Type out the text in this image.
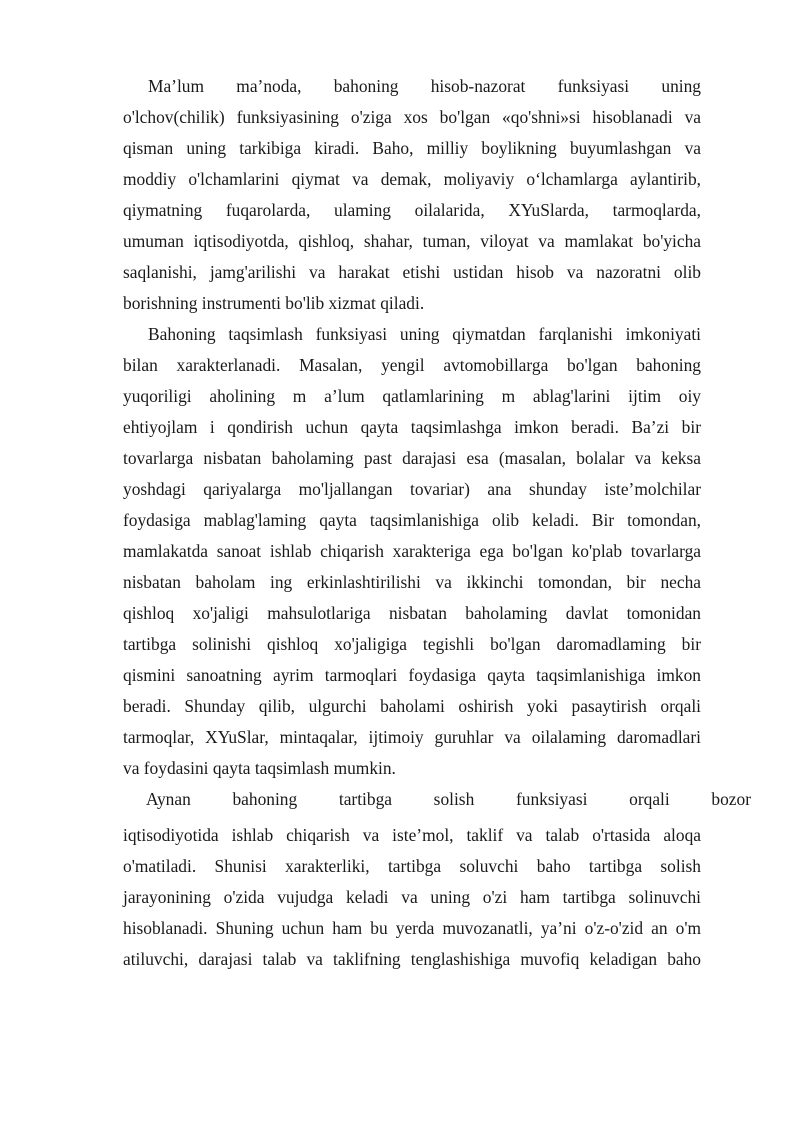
Ma’lum ma’noda, bahoning hisob-nazorat funksiyasi uning
o'lchov(chilik) funksiyasining o'ziga xos bo'lgan «qo'shni»si hisoblanadi va
qisman uning tarkibiga kiradi. Baho, milliy boylikning buyumlashgan va
moddiy o'lchamlarini qiymat va demak, moliyaviy o‘lchamlarga aylantirib,
qiymatning fuqarolarda, ulaming oilalarida, XYuSlarda, tarmoqlarda,
umuman iqtisodiyotda, qishloq, shahar, tuman, viloyat va mamlakat bo'yicha
saqlanishi, jamg'arilishi va harakat etishi ustidan hisob va nazoratni olib
borishning instrumenti bo'lib xizmat qiladi.
Bahoning taqsimlash funksiyasi uning qiymatdan farqlanishi imkoniyati
bilan xarakterlanadi. Masalan, yengil avtomobillarga bo'lgan bahoning
yuqoriligi aholining m a’lum qatlamlarining m ablag'larini ijtim oiy
ehtiyojlam i qondirish uchun qayta taqsimlashga imkon beradi. Ba’zi bir
tovarlarga nisbatan baholaming past darajasi esa (masalan, bolalar va keksa
yoshdagi qariyalarga mo'ljallangan tovariar) ana shunday iste’molchilar
foydasiga mablag'laming qayta taqsimlanishiga olib keladi. Bir tomondan,
mamlakatda sanoat ishlab chiqarish xarakteriga ega bo'lgan ko'plab tovarlarga
nisbatan baholam ing erkinlashtirilishi va ikkinchi tomondan, bir necha
qishloq xo'jaligi mahsulotlariga nisbatan baholaming davlat tomonidan
tartibga solinishi qishloq xo'jaligiga tegishli bo'lgan daromadlaming bir
qismini sanoatning ayrim tarmoqlari foydasiga qayta taqsimlanishiga imkon
beradi. Shunday qilib, ulgurchi baholami oshirish yoki pasaytirish orqali
tarmoqlar, XYuSlar, mintaqalar, ijtimoiy guruhlar va oilalaming daromadlari
va foydasini qayta taqsimlash mumkin.
Aynan bahoning tartibga solish funksiyasi orqali bozor
iqtisodiyotida ishlab chiqarish va iste’mol, taklif va talab o'rtasida aloqa
o'matiladi. Shunisi xarakterliki, tartibga soluvchi baho tartibga solish
jarayonining o'zida vujudga keladi va uning o'zi ham tartibga solinuvchi
hisoblanadi. Shuning uchun ham bu yerda muvozanatli, ya’ni o'z-o'zid an o'm
atiluvchi, darajasi talab va taklifning tenglashishiga muvofiq keladigan baho
